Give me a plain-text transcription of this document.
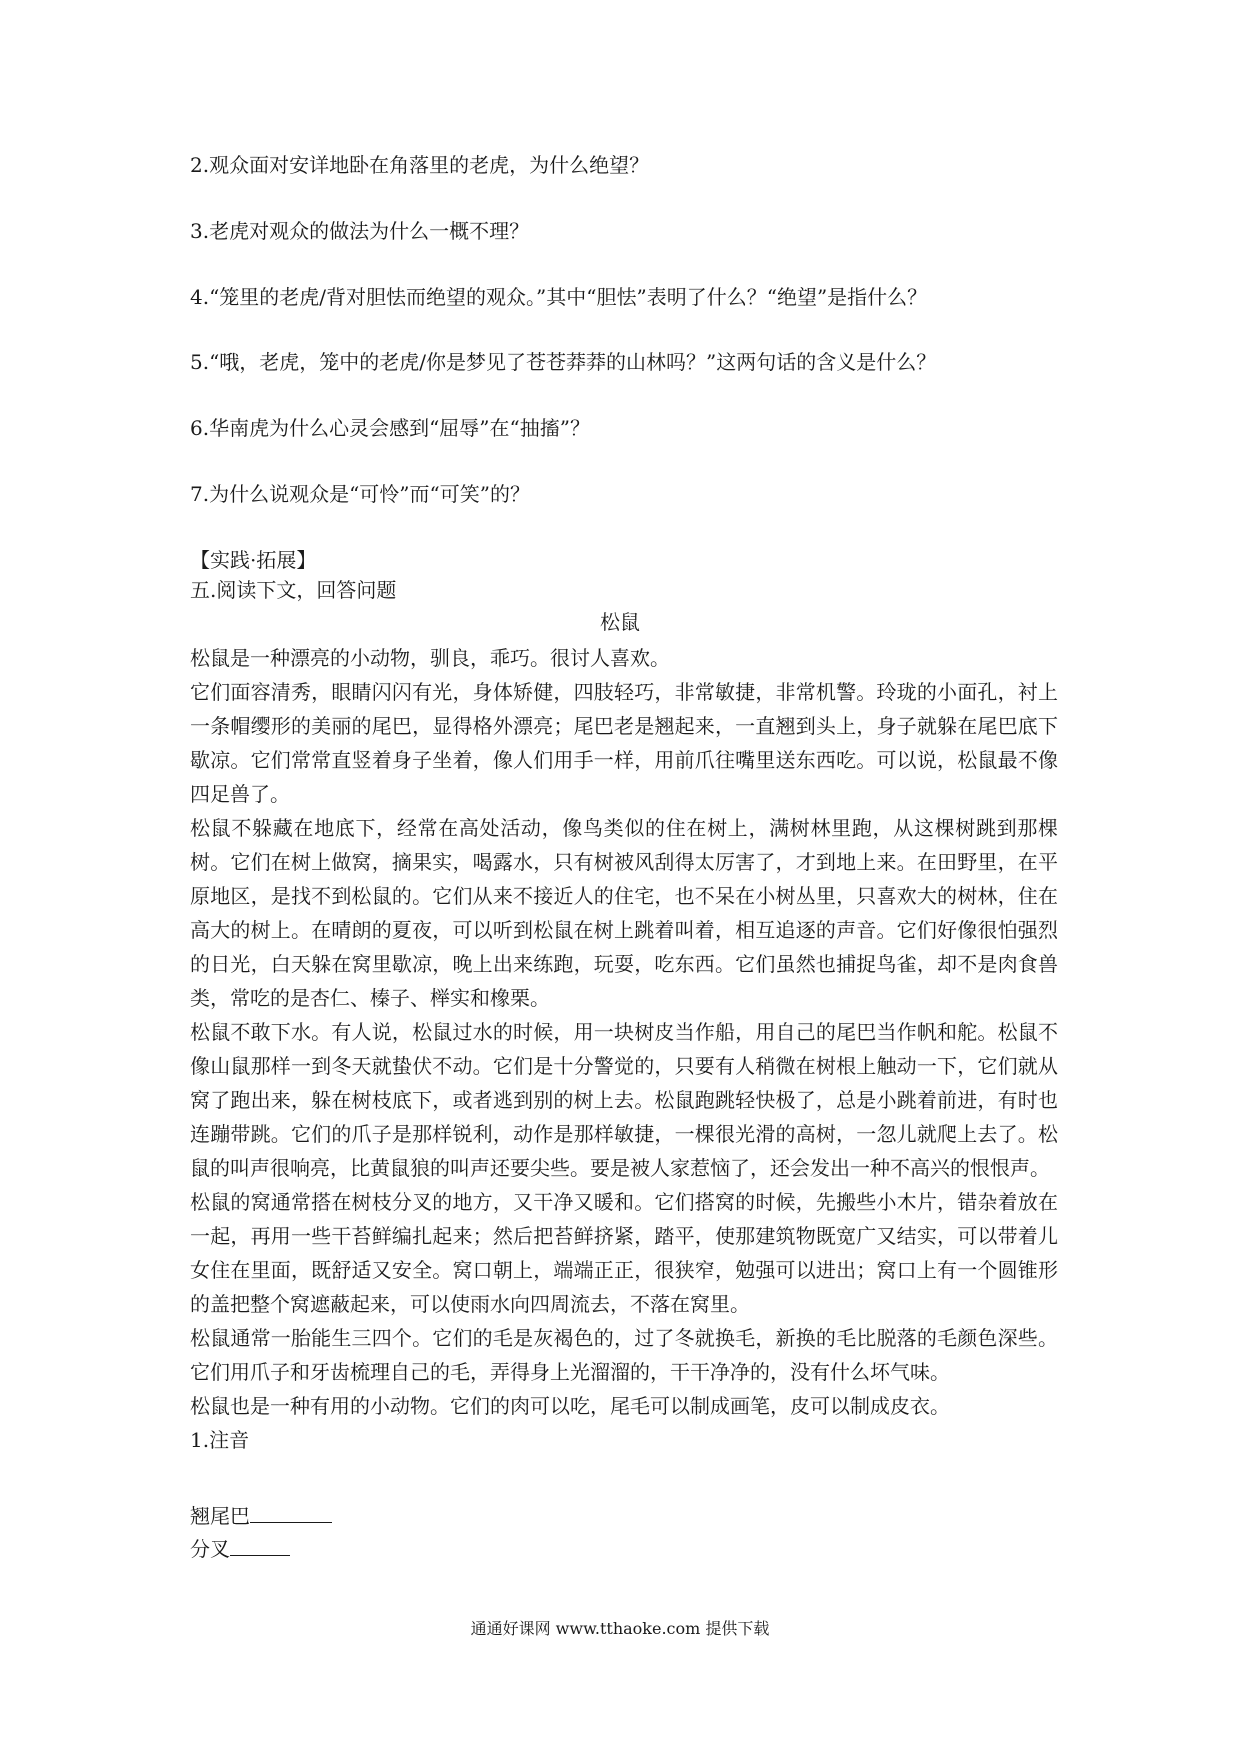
2.观众面对安详地卧在角落里的老虎，为什么绝望？
3.老虎对观众的做法为什么一概不理？
4.“笼里的老虎/背对胆怯而绝望的观众。”其中“胆怯”表明了什么？“绝望”是指什么？
5.“哦，老虎，笼中的老虎/你是梦见了苍苍莽莽的山林吗？”这两句话的含义是什么？
6.华南虎为什么心灵会感到“屈辱”在“抽搐”？
7.为什么说观众是“可怜”而“可笑”的？
【实践·拓展】
五.阅读下文，回答问题
松鼠

松鼠是一种漂亮的小动物，驯良，乖巧。很讨人喜欢。

它们面容清秀，眼睛闪闪有光，身体矫健，四肢轻巧，非常敏捷，非常机警。玲珑的小面孔，衬上一条帽缨形的美丽的尾巴，显得格外漂亮；尾巴老是翘起来，一直翘到头上，身子就躲在尾巴底下歇凉。它们常常直竖着身子坐着，像人们用手一样，用前爪往嘴里送东西吃。可以说，松鼠最不像四足兽了。

松鼠不躲藏在地底下，经常在高处活动，像鸟类似的住在树上，满树林里跑，从这棵树跳到那棵树。它们在树上做窝，摘果实，喝露水，只有树被风刮得太厉害了，才到地上来。在田野里，在平原地区，是找不到松鼠的。它们从来不接近人的住宅，也不呆在小树丛里，只喜欢大的树林，住在高大的树上。在晴朗的夏夜，可以听到松鼠在树上跳着叫着，相互追逐的声音。它们好像很怕强烈的日光，白天躲在窝里歇凉，晚上出来练跑，玩耍，吃东西。它们虽然也捕捉鸟雀，却不是肉食兽类，常吃的是杏仁、榛子、榉实和橡栗。

松鼠不敢下水。有人说，松鼠过水的时候，用一块树皮当作船，用自己的尾巴当作帆和舵。松鼠不像山鼠那样一到冬天就蛰伏不动。它们是十分警觉的，只要有人稍微在树根上触动一下，它们就从窝了跑出来，躲在树枝底下，或者逃到别的树上去。松鼠跑跳轻快极了，总是小跳着前进，有时也连蹦带跳。它们的爪子是那样锐利，动作是那样敏捷，一棵很光滑的高树，一忽儿就爬上去了。松鼠的叫声很响亮，比黄鼠狼的叫声还要尖些。要是被人家惹恼了，还会发出一种不高兴的恨恨声。

松鼠的窝通常搭在树枝分叉的地方，又干净又暖和。它们搭窝的时候，先搬些小木片，错杂着放在一起，再用一些干苔鲜编扎起来；然后把苔鲜挤紧，踏平，使那建筑物既宽广又结实，可以带着儿女住在里面，既舒适又安全。窝口朝上，端端正正，很狭窄，勉强可以进出；窝口上有一个圆锥形的盖把整个窝遮蔽起来，可以使雨水向四周流去，不落在窝里。

松鼠通常一胎能生三四个。它们的毛是灰褐色的，过了冬就换毛，新换的毛比脱落的毛颜色深些。它们用爪子和牙齿梳理自己的毛，弄得身上光溜溜的，干干净净的，没有什么坏气味。

松鼠也是一种有用的小动物。它们的肉可以吃，尾毛可以制成画笔，皮可以制成皮衣。

1.注音

翘尾巴
分叉
通通好课网 www.tthaoke.com 提供下载
